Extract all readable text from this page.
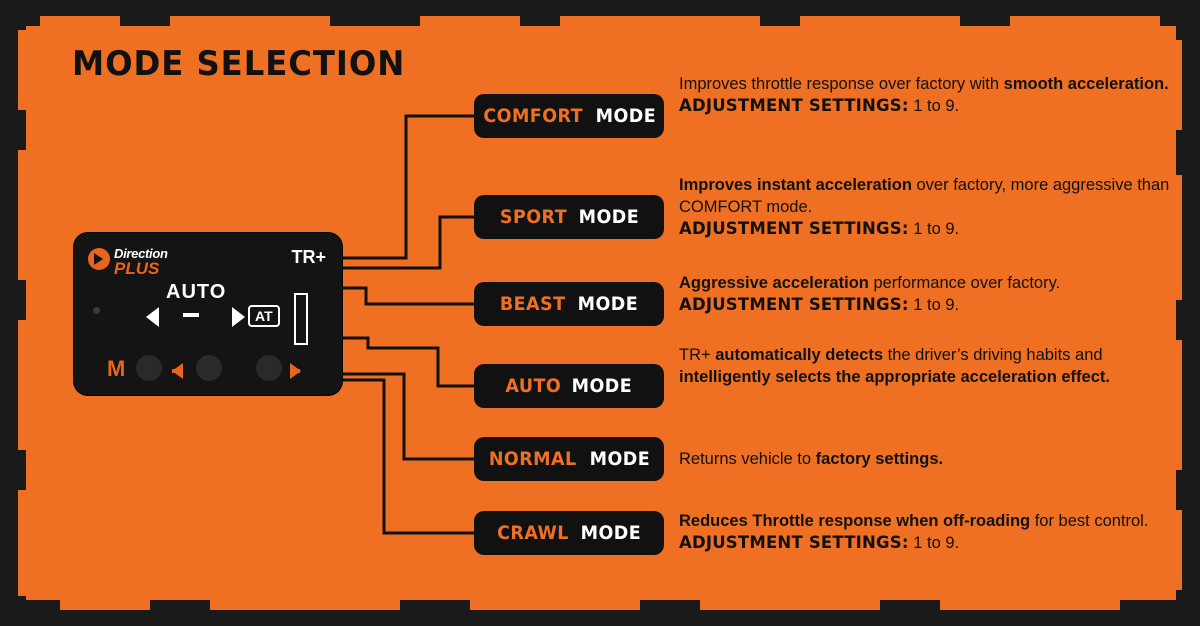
MODE SELECTION
Direction
PLUS
TR+
AUTO
AT
M
COMFORT MODE
SPORT MODE
BEAST MODE
AUTO MODE
NORMAL MODE
CRAWL MODE
Improves throttle response over factory with smooth acceleration.
ADJUSTMENT SETTINGS: 1 to 9.
Improves instant acceleration over factory, more aggressive than COMFORT mode.
ADJUSTMENT SETTINGS: 1 to 9.
Aggressive acceleration performance over factory.
ADJUSTMENT SETTINGS: 1 to 9.
TR+ automatically detects the driver’s driving habits and intelligently selects the appropriate acceleration effect.
Returns vehicle to factory settings.
Reduces Throttle response when off-roading for best control.
ADJUSTMENT SETTINGS: 1 to 9.
